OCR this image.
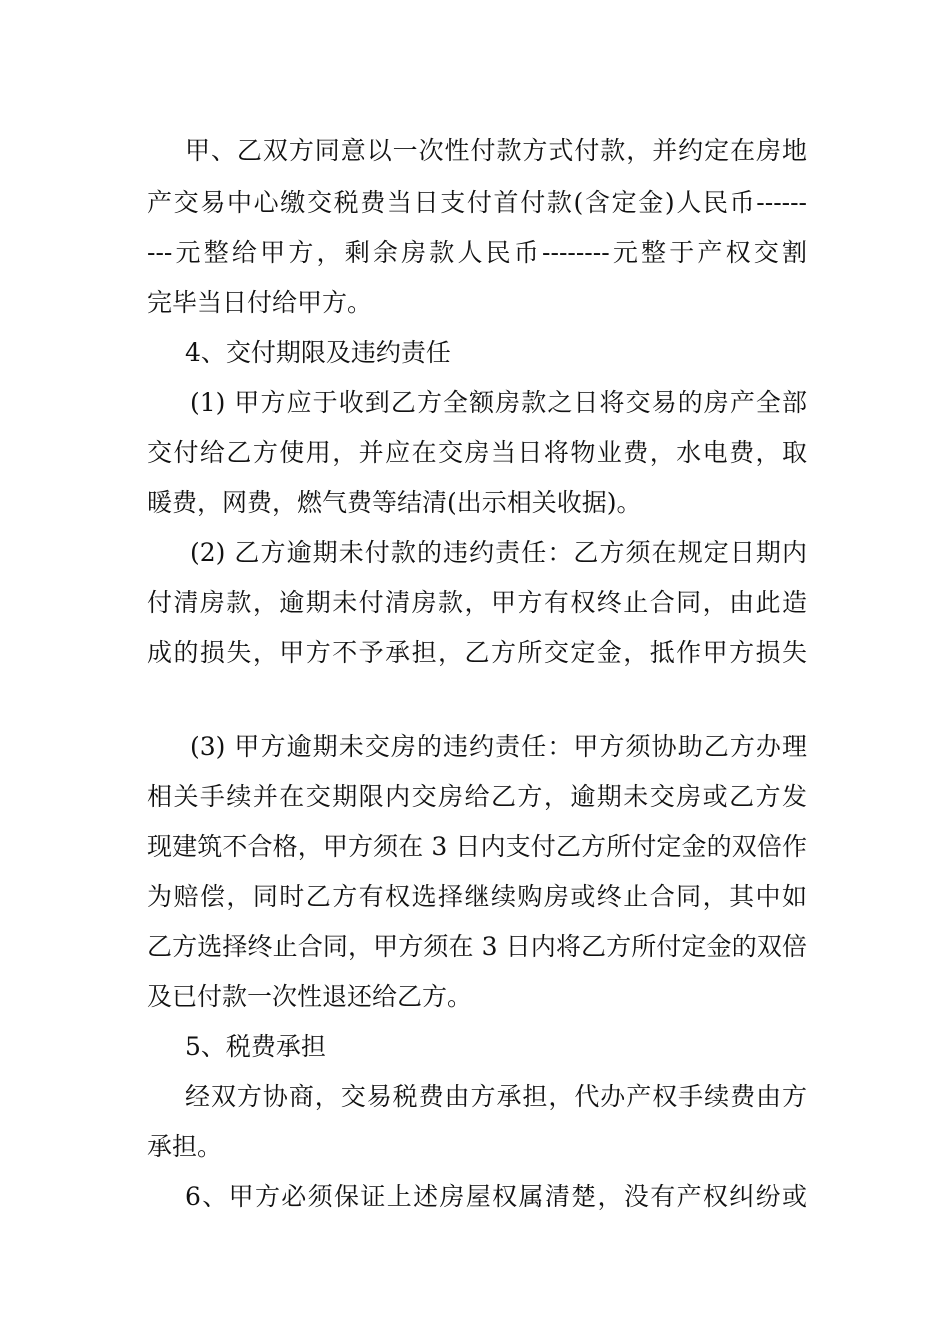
甲、乙双方同意以一次性付款方式付款，并约定在房地
产交易中心缴交税费当日支付首付款(含定金)人民币------
---元整给甲方，剩余房款人民币--------元整于产权交割
完毕当日付给甲方。
4、交付期限及违约责任
(1) 甲方应于收到乙方全额房款之日将交易的房产全部
交付给乙方使用，并应在交房当日将物业费，水电费，取
暖费，网费，燃气费等结清(出示相关收据)。
(2) 乙方逾期未付款的违约责任：乙方须在规定日期内
付清房款，逾期未付清房款，甲方有权终止合同，由此造
成的损失，甲方不予承担，乙方所交定金，抵作甲方损失
(3) 甲方逾期未交房的违约责任：甲方须协助乙方办理
相关手续并在交期限内交房给乙方，逾期未交房或乙方发
现建筑不合格，甲方须在 3 日内支付乙方所付定金的双倍作
为赔偿，同时乙方有权选择继续购房或终止合同，其中如
乙方选择终止合同，甲方须在 3 日内将乙方所付定金的双倍
及已付款一次性退还给乙方。
5、税费承担
经双方协商，交易税费由方承担，代办产权手续费由方
承担。
6、甲方必须保证上述房屋权属清楚，没有产权纠纷或
